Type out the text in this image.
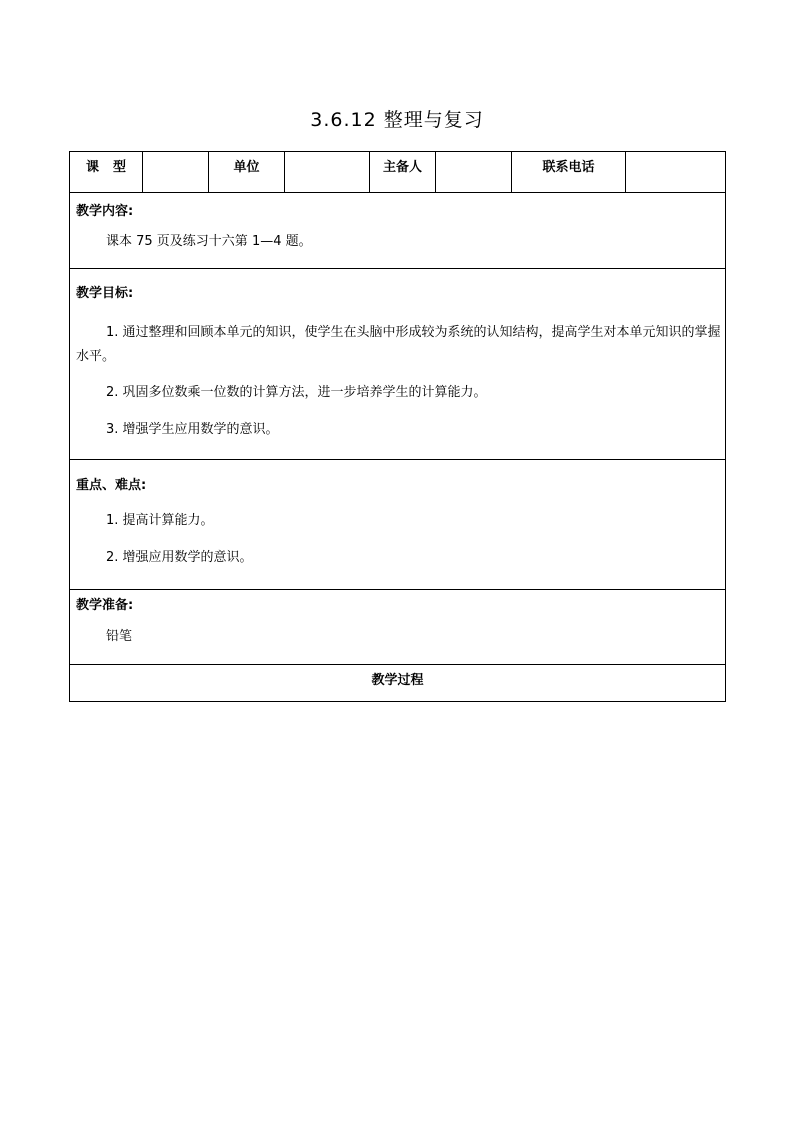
3.6.12 整理与复习
课型		单位		主备人		联系电话	

教学内容:

课本 75 页及练习十六第 1—4 题。

教学目标:

1. 通过整理和回顾本单元的知识，使学生在头脑中形成较为系统的认知结构，提高学生对本单元知识的掌握水平。

2. 巩固多位数乘一位数的计算方法，进一步培养学生的计算能力。

3. 增强学生应用数学的意识。

重点、难点:

1. 提高计算能力。

2. 增强应用数学的意识。

教学准备:

铅笔

教学过程
